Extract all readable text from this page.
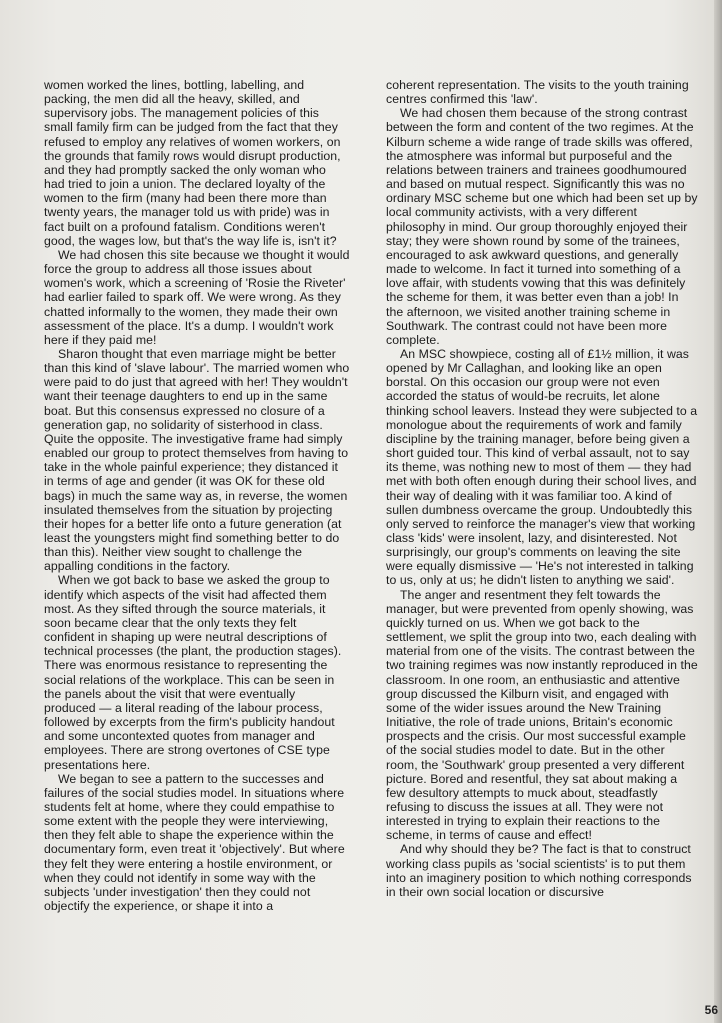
women worked the lines, bottling, labelling, and packing, the men did all the heavy, skilled, and supervisory jobs. The management policies of this small family firm can be judged from the fact that they refused to employ any relatives of women workers, on the grounds that family rows would disrupt production, and they had promptly sacked the only woman who had tried to join a union. The declared loyalty of the women to the firm (many had been there more than twenty years, the manager told us with pride) was in fact built on a profound fatalism. Conditions weren't good, the wages low, but that's the way life is, isn't it?

We had chosen this site because we thought it would force the group to address all those issues about women's work, which a screening of 'Rosie the Riveter' had earlier failed to spark off. We were wrong. As they chatted informally to the women, they made their own assessment of the place. It's a dump. I wouldn't work here if they paid me!

Sharon thought that even marriage might be better than this kind of 'slave labour'. The married women who were paid to do just that agreed with her! They wouldn't want their teenage daughters to end up in the same boat. But this consensus expressed no closure of a generation gap, no solidarity of sisterhood in class. Quite the opposite. The investigative frame had simply enabled our group to protect themselves from having to take in the whole painful experience; they distanced it in terms of age and gender (it was OK for these old bags) in much the same way as, in reverse, the women insulated themselves from the situation by projecting their hopes for a better life onto a future generation (at least the youngsters might find something better to do than this). Neither view sought to challenge the appalling conditions in the factory.

When we got back to base we asked the group to identify which aspects of the visit had affected them most. As they sifted through the source materials, it soon became clear that the only texts they felt confident in shaping up were neutral descriptions of technical processes (the plant, the production stages). There was enormous resistance to representing the social relations of the workplace. This can be seen in the panels about the visit that were eventually produced — a literal reading of the labour process, followed by excerpts from the firm's publicity handout and some uncontexted quotes from manager and employees. There are strong overtones of CSE type presentations here.

We began to see a pattern to the successes and failures of the social studies model. In situations where students felt at home, where they could empathise to some extent with the people they were interviewing, then they felt able to shape the experience within the documentary form, even treat it 'objectively'. But where they felt they were entering a hostile environment, or when they could not identify in some way with the subjects 'under investigation' then they could not objectify the experience, or shape it into a

coherent representation. The visits to the youth training centres confirmed this 'law'.

We had chosen them because of the strong contrast between the form and content of the two regimes. At the Kilburn scheme a wide range of trade skills was offered, the atmosphere was informal but purposeful and the relations between trainers and trainees goodhumoured and based on mutual respect. Significantly this was no ordinary MSC scheme but one which had been set up by local community activists, with a very different philosophy in mind. Our group thoroughly enjoyed their stay; they were shown round by some of the trainees, encouraged to ask awkward questions, and generally made to welcome. In fact it turned into something of a love affair, with students vowing that this was definitely the scheme for them, it was better even than a job! In the afternoon, we visited another training scheme in Southwark. The contrast could not have been more complete.

An MSC showpiece, costing all of £1½ million, it was opened by Mr Callaghan, and looking like an open borstal. On this occasion our group were not even accorded the status of would-be recruits, let alone thinking school leavers. Instead they were subjected to a monologue about the requirements of work and family discipline by the training manager, before being given a short guided tour. This kind of verbal assault, not to say its theme, was nothing new to most of them — they had met with both often enough during their school lives, and their way of dealing with it was familiar too. A kind of sullen dumbness overcame the group. Undoubtedly this only served to reinforce the manager's view that working class 'kids' were insolent, lazy, and disinterested. Not surprisingly, our group's comments on leaving the site were equally dismissive — 'He's not interested in talking to us, only at us; he didn't listen to anything we said'.

The anger and resentment they felt towards the manager, but were prevented from openly showing, was quickly turned on us. When we got back to the settlement, we split the group into two, each dealing with material from one of the visits. The contrast between the two training regimes was now instantly reproduced in the classroom. In one room, an enthusiastic and attentive group discussed the Kilburn visit, and engaged with some of the wider issues around the New Training Initiative, the role of trade unions, Britain's economic prospects and the crisis. Our most successful example of the social studies model to date. But in the other room, the 'Southwark' group presented a very different picture. Bored and resentful, they sat about making a few desultory attempts to muck about, steadfastly refusing to discuss the issues at all. They were not interested in trying to explain their reactions to the scheme, in terms of cause and effect!

And why should they be? The fact is that to construct working class pupils as 'social scientists' is to put them into an imaginery position to which nothing corresponds in their own social location or discursive

56
